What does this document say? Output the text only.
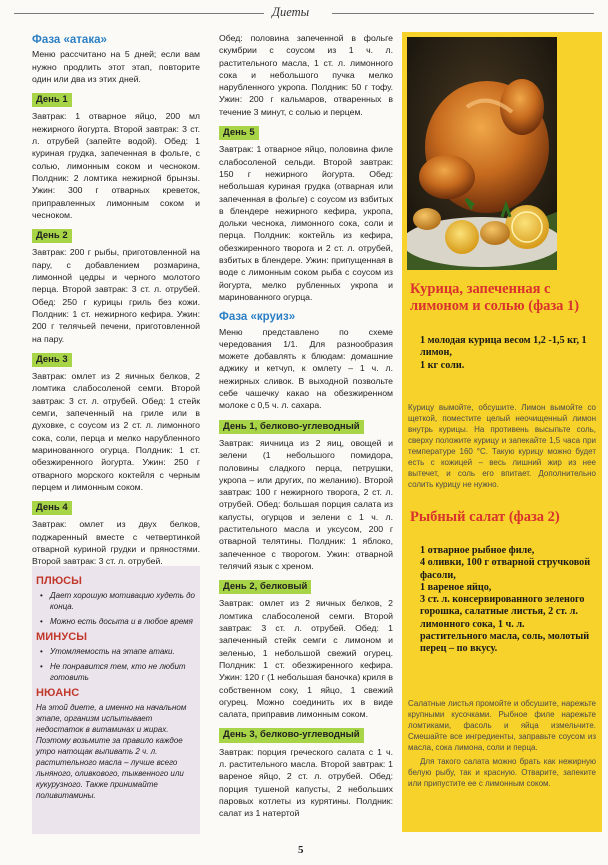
Диеты
Фаза «атака»

Меню рассчитано на 5 дней; если вам нужно продлить этот этап, повторите один или два из этих дней.

День 1

Завтрак: 1 отварное яйцо, 200 мл нежирного йогурта. Второй завтрак: 3 ст. л. отрубей (запейте водой). Обед: 1 куриная грудка, запеченная в фольге, с солью, лимонным соком и чесноком. Полдник: 2 ломтика нежирной брынзы. Ужин: 300 г отварных креветок, приправленных лимонным соком и чесноком.

День 2

Завтрак: 200 г рыбы, приготовленной на пару, с добавлением розмарина, лимонной цедры и черного молотого перца. Второй завтрак: 3 ст. л. отрубей. Обед: 250 г курицы гриль без кожи. Полдник: 1 ст. нежирного кефира. Ужин: 200 г телячьей печени, приготовленной на пару.

День 3

Завтрак: омлет из 2 яичных белков, 2 ломтика слабосоленой семги. Второй завтрак: 3 ст. л. отрубей. Обед: 1 стейк семги, запеченный на гриле или в духовке, с соусом из 2 ст. л. лимонного сока, соли, перца и мелко нарубленного маринованного огурца. Полдник: 1 ст. обезжиренного йогурта. Ужин: 250 г отварного морского коктейля с черным перцем и лимонным соком.

День 4

Завтрак: омлет из двух белков, поджаренный вместе с четвертинкой отварной куриной грудки и пряностями. Второй завтрак: 3 ст. л. отрубей.

ПЛЮСЫ
• Дает хорошую мотивацию худеть до конца.
• Можно есть досыта и в любое время
МИНУСЫ
• Утомляемость на этапе атаки.
• Не понравится тем, кто не любит готовить
НЮАНС
На этой диете, а именно на начальном этапе, организм испытывает недостаток в витаминах и жирах. Поэтому возьмите за правило каждое утро натощак выпивать 2 ч. л. растительного масла – лучше всего льняного, оливкового, тыквенного или кукурузного. Также принимайте поливитамины.

Обед: половина запеченной в фольге скумбрии с соусом из 1 ч. л. растительного масла, 1 ст. л. лимонного сока и небольшого пучка мелко нарубленного укропа. Полдник: 50 г тофу. Ужин: 200 г кальмаров, отваренных в течение 3 минут, с солью и перцем.

День 5

Завтрак: 1 отварное яйцо, половина филе слабосоленой сельди. Второй завтрак: 150 г нежирного йогурта. Обед: небольшая куриная грудка (отварная или запеченная в фольге) с соусом из взбитых в блендере нежирного кефира, укропа, дольки чеснока, лимонного сока, соли и перца. Полдник: коктейль из кефира, обезжиренного творога и 2 ст. л. отрубей, взбитых в блендере. Ужин: припущенная в воде с лимонным соком рыба с соусом из йогурта, мелко рубленных укропа и маринованного огурца.

Фаза «круиз»

Меню представлено по схеме чередования 1/1. Для разнообразия можете добавлять к блюдам: домашние аджику и кетчуп, к омлету – 1 ч. л. нежирных сливок. В выходной позвольте себе чашечку какао на обезжиренном молоке с 0,5 ч. л. сахара.

День 1, белково-углеводный

Завтрак: яичница из 2 яиц, овощей и зелени (1 небольшого помидора, половины сладкого перца, петрушки, укропа – или других, по желанию). Второй завтрак: 100 г нежирного творога, 2 ст. л. отрубей. Обед: большая порция салата из капусты, огурцов и зелени с 1 ч. л. растительного масла и уксусом, 200 г отварной телятины. Полдник: 1 яблоко, запеченное с творогом. Ужин: отварной телячий язык с хреном.

День 2, белковый

Завтрак: омлет из 2 яичных белков, 2 ломтика слабосоленой семги. Второй завтрак: 3 ст. л. отрубей. Обед: 1 запеченный стейк семги с лимоном и зеленью, 1 небольшой свежий огурец. Полдник: 1 ст. обезжиренного кефира. Ужин: 120 г (1 небольшая баночка) криля в собственном соку, 1 яйцо, 1 свежий огурец. Можно соединить их в виде салата, приправив лимонным соком.

День 3, белково-углеводный

Завтрак: порция греческого салата с 1 ч. л. растительного масла. Второй завтрак: 1 вареное яйцо, 2 ст. л. отрубей. Обед: порция тушеной капусты, 2 небольших паровых котлеты из курятины. Полдник: салат из 1 нaтертой

Курица, запеченная с лимоном и солью (фаза 1)
1 молодая курица весом 1,2 -1,5 кг, 1 лимон,
1 кг соли.

Курицу вымойте, обсушите. Лимон вымойте со щеткой, поместите целый неочищенный лимон внутрь курицы. На противень высыпьте соль, сверху положите курицу и запекайте 1,5 часа при температуре 160 °С. Такую курицу можно будет есть с кожицей – весь лишний жир из нее вытечет, и соль его впитает. Дополнительно солить курицу не нужно.

Рыбный салат (фаза 2)
1 отварное рыбное филе,
4 оливки, 100 г отварной стручковой фасоли,
1 вареное яйцо,
3 ст. л. консервированного зеленого горошка, салатные листья, 2 ст. л. лимонного сока, 1 ч. л. растительного масла, соль, молотый перец – по вкусу.

Салатные листья промойте и обсушите, нарежьте крупными кусочками. Рыбное филе нарежьте ломтиками, фасоль и яйца измельчите. Смешайте все ингредиенты, заправьте соусом из масла, сока лимона, соли и перца.

Для такого салата можно брать как нежирную белую рыбу, так и красную. Отварите, запеките или припустите ее с лимонным соком.

5
